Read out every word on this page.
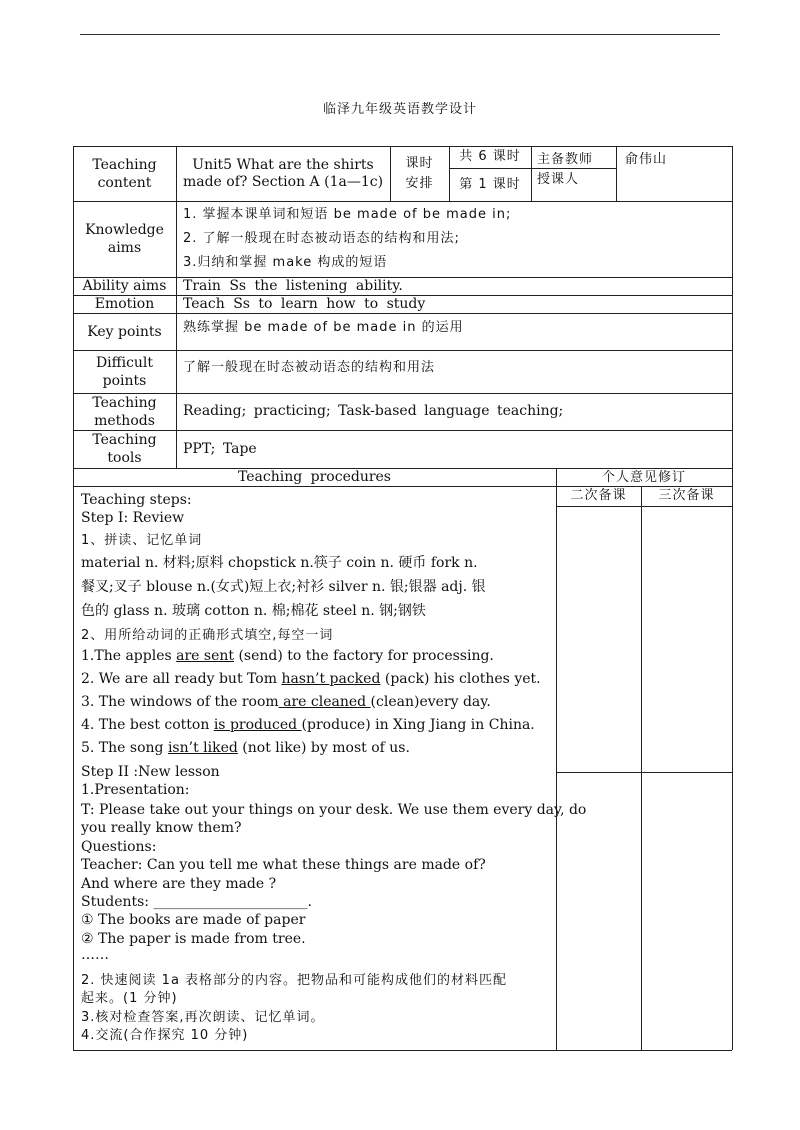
临泽九年级英语教学设计
Teaching content
Unit5 What are the shirts made of? Section A (1a—1c)
课时安排
共 6 课时
第 1 课时
主备教师
授课人
俞伟山
Knowledge aims
1. 掌握本课单词和短语 be made of be made in;
2. 了解一般现在时态被动语态的结构和用法;
3.归纳和掌握 make 构成的短语
Ability aims Train Ss the listening ability.
Emotion Teach Ss to learn how to study
Key points 熟练掌握 be made of be made in 的运用
Difficult points
了解一般现在时态被动语态的结构和用法
Teaching methods
Reading; practicing; Task-based language teaching;
Teaching tools
PPT; Tape
Teaching procedures	个人意见修订
二次备课 三次备课

Teaching steps:

Step I: Review

1、拼读、记忆单词

material n. 材料;原料 chopstick n.筷子 coin n. 硬币 fork n.

餐叉;叉子 blouse n.(女式)短上衣;衬衫 silver n. 银;银器 adj. 银

色的 glass n. 玻璃 cotton n. 棉;棉花 steel n. 钢;钢铁

2、用所给动词的正确形式填空,每空一词

1.The apples are sent (send) to the factory for processing.

2. We are all ready but Tom hasn’t packed (pack) his clothes yet.

3. The windows of the room are cleaned (clean)every day.

4. The best cotton is produced (produce) in Xing Jiang in China.

5. The song isn’t liked (not like) by most of us.

Step II :New lesson

1.Presentation:

T: Please take out your things on your desk. We use them every day, do

you really know them?

Questions:

Teacher: Can you tell me what these things are made of?

And where are they made ?

Students: ______________________.

① The books are made of paper

② The paper is made from tree.

……

2. 快速阅读 1a 表格部分的内容。把物品和可能构成他们的材料匹配

起来。(1 分钟)

3.核对检查答案,再次朗读、记忆单词。

4.交流(合作探究 10 分钟)
